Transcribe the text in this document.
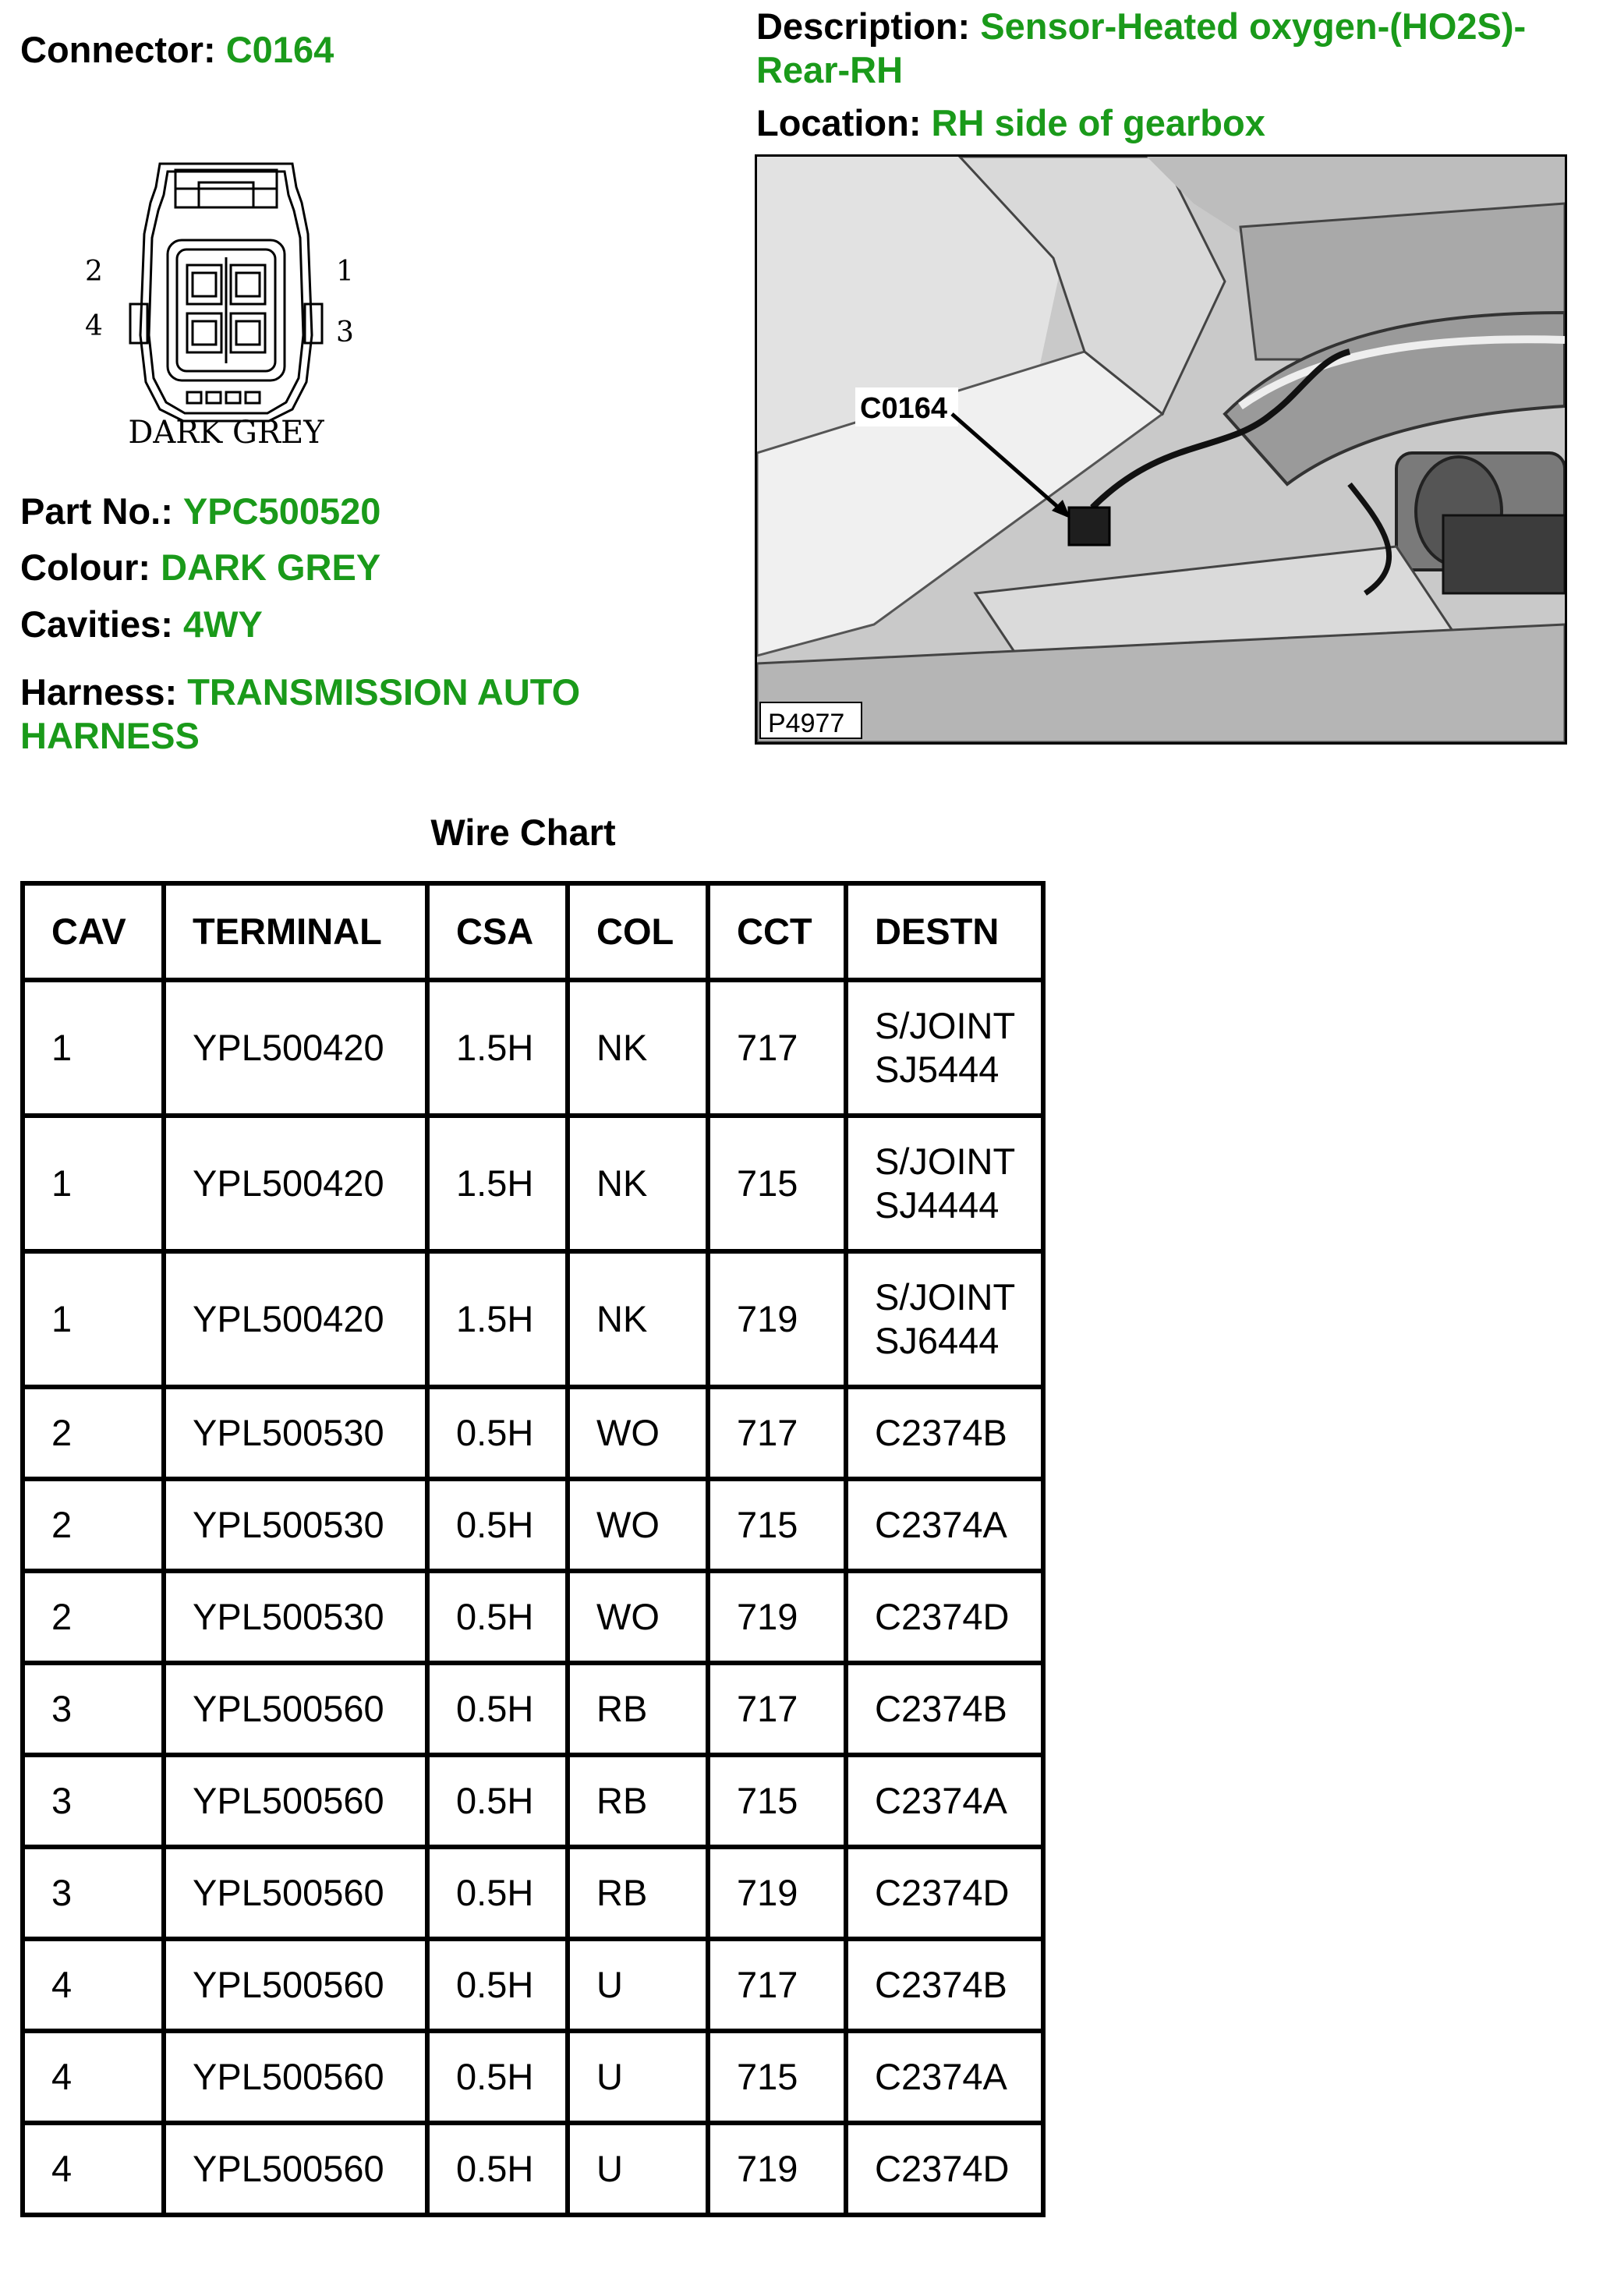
Connector: C0164
Description: Sensor-Heated oxygen-(HO2S)-Rear-RH
Location: RH side of gearbox
2
4
1
3
DARK GREY
C0164
P4977
Part No.: YPC500520
Colour: DARK GREY
Cavities: 4WY
Harness: TRANSMISSION AUTO HARNESS
Wire Chart
CAV	TERMINAL	CSA	COL	CCT	DESTN
1	YPL500420	1.5H	NK	717	S/JOINT SJ5444
1	YPL500420	1.5H	NK	715	S/JOINT SJ4444
1	YPL500420	1.5H	NK	719	S/JOINT SJ6444
2	YPL500530	0.5H	WO	717	C2374B
2	YPL500530	0.5H	WO	715	C2374A
2	YPL500530	0.5H	WO	719	C2374D
3	YPL500560	0.5H	RB	717	C2374B
3	YPL500560	0.5H	RB	715	C2374A
3	YPL500560	0.5H	RB	719	C2374D
4	YPL500560	0.5H	U	717	C2374B
4	YPL500560	0.5H	U	715	C2374A
4	YPL500560	0.5H	U	719	C2374D
